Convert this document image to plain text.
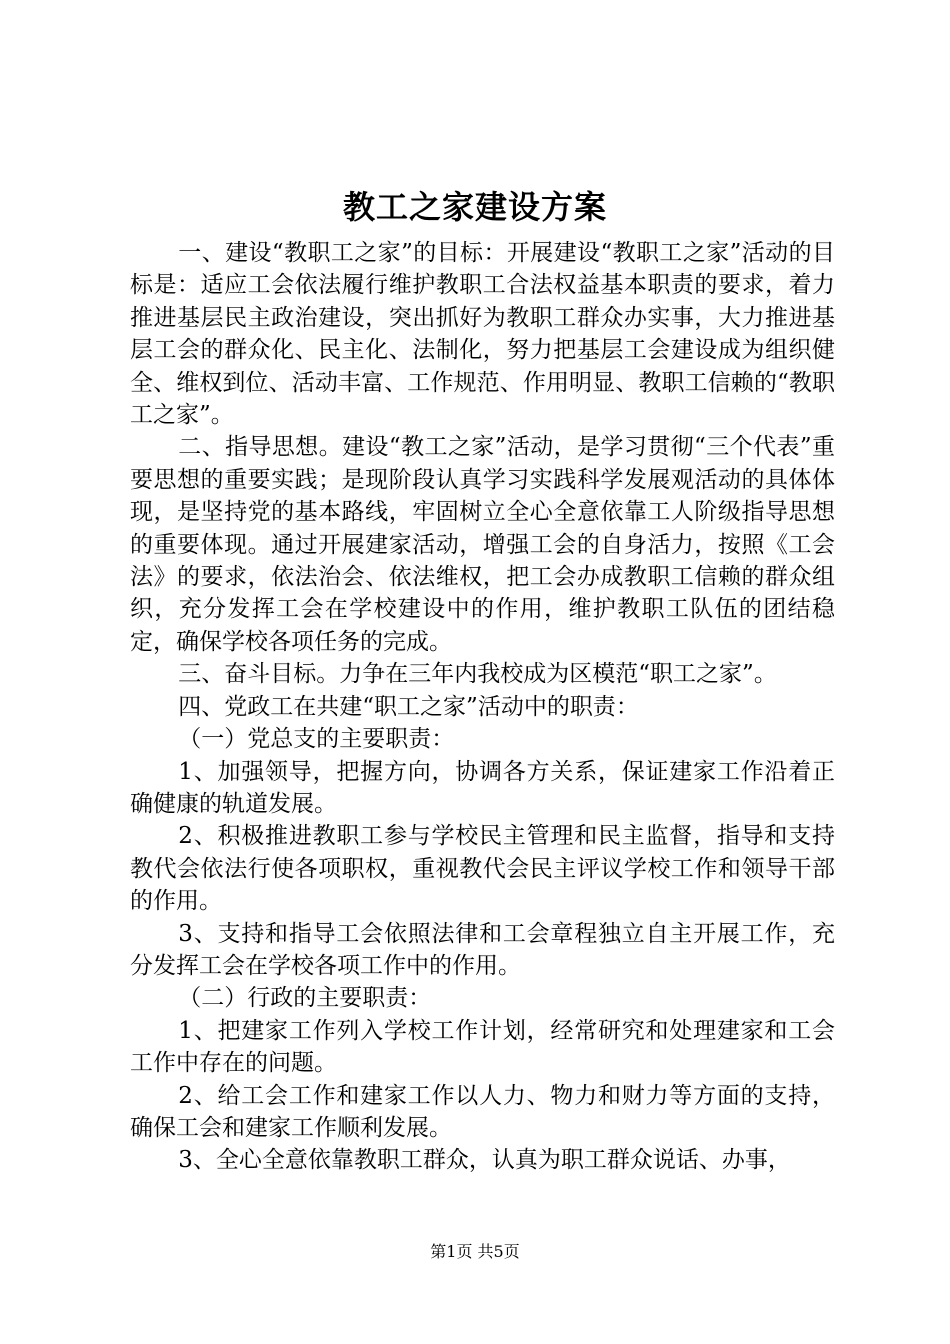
教工之家建设方案

一、建设“教职工之家”的目标：开展建设“教职工之家”活动的目标是：适应工会依法履行维护教职工合法权益基本职责的要求，着力推进基层民主政治建设，突出抓好为教职工群众办实事，大力推进基层工会的群众化、民主化、法制化，努力把基层工会建设成为组织健全、维权到位、活动丰富、工作规范、作用明显、教职工信赖的“教职工之家”。

二、指导思想。建设“教工之家”活动，是学习贯彻“三个代表”重要思想的重要实践；是现阶段认真学习实践科学发展观活动的具体体现，是坚持党的基本路线，牢固树立全心全意依靠工人阶级指导思想的重要体现。通过开展建家活动，增强工会的自身活力，按照《工会法》的要求，依法治会、依法维权，把工会办成教职工信赖的群众组织，充分发挥工会在学校建设中的作用，维护教职工队伍的团结稳定，确保学校各项任务的完成。

三、奋斗目标。力争在三年内我校成为区模范“职工之家”。

四、党政工在共建“职工之家”活动中的职责：

（一）党总支的主要职责：

1、加强领导，把握方向，协调各方关系，保证建家工作沿着正确健康的轨道发展。

2、积极推进教职工参与学校民主管理和民主监督，指导和支持教代会依法行使各项职权，重视教代会民主评议学校工作和领导干部的作用。

3、支持和指导工会依照法律和工会章程独立自主开展工作，充分发挥工会在学校各项工作中的作用。

（二）行政的主要职责：

1、把建家工作列入学校工作计划，经常研究和处理建家和工会工作中存在的问题。

2、给工会工作和建家工作以人力、物力和财力等方面的支持，确保工会和建家工作顺利发展。

3、全心全意依靠教职工群众，认真为职工群众说话、办事，

第1页 共5页
